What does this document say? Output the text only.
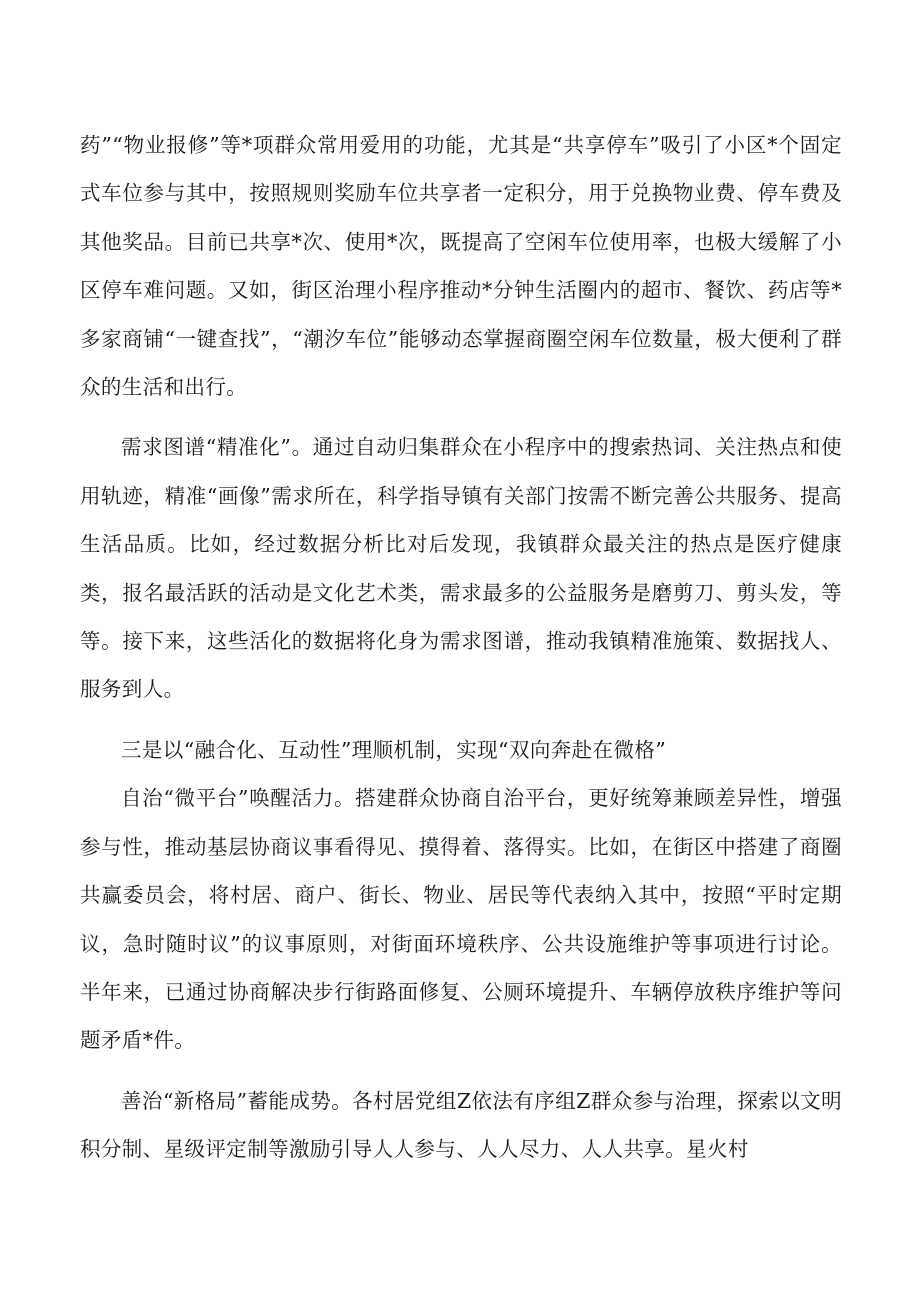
药”“物业报修”等*项群众常用爱用的功能，尤其是“共享停车”吸引了小区*个固定式车位参与其中，按照规则奖励车位共享者一定积分，用于兑换物业费、停车费及其他奖品。目前已共享*次、使用*次，既提高了空闲车位使用率，也极大缓解了小区停车难问题。又如，街区治理小程序推动*分钟生活圈内的超市、餐饮、药店等*多家商铺“一键查找”，“潮汐车位”能够动态掌握商圈空闲车位数量，极大便利了群众的生活和出行。

需求图谱“精准化”。通过自动归集群众在小程序中的搜索热词、关注热点和使用轨迹，精准“画像”需求所在，科学指导镇有关部门按需不断完善公共服务、提高生活品质。比如，经过数据分析比对后发现，我镇群众最关注的热点是医疗健康类，报名最活跃的活动是文化艺术类，需求最多的公益服务是磨剪刀、剪头发，等等。接下来，这些活化的数据将化身为需求图谱，推动我镇精准施策、数据找人、服务到人。

三是以“融合化、互动性”理顺机制，实现“双向奔赴在微格”

自治“微平台”唤醒活力。搭建群众协商自治平台，更好统筹兼顾差异性，增强参与性，推动基层协商议事看得见、摸得着、落得实。比如，在街区中搭建了商圈共赢委员会，将村居、商户、街长、物业、居民等代表纳入其中，按照“平时定期议，急时随时议”的议事原则，对街面环境秩序、公共设施维护等事项进行讨论。半年来，已通过协商解决步行街路面修复、公厕环境提升、车辆停放秩序维护等问题矛盾*件。

善治“新格局”蓄能成势。各村居党组Z依法有序组Z群众参与治理，探索以文明积分制、星级评定制等激励引导人人参与、人人尽力、人人共享。星火村
